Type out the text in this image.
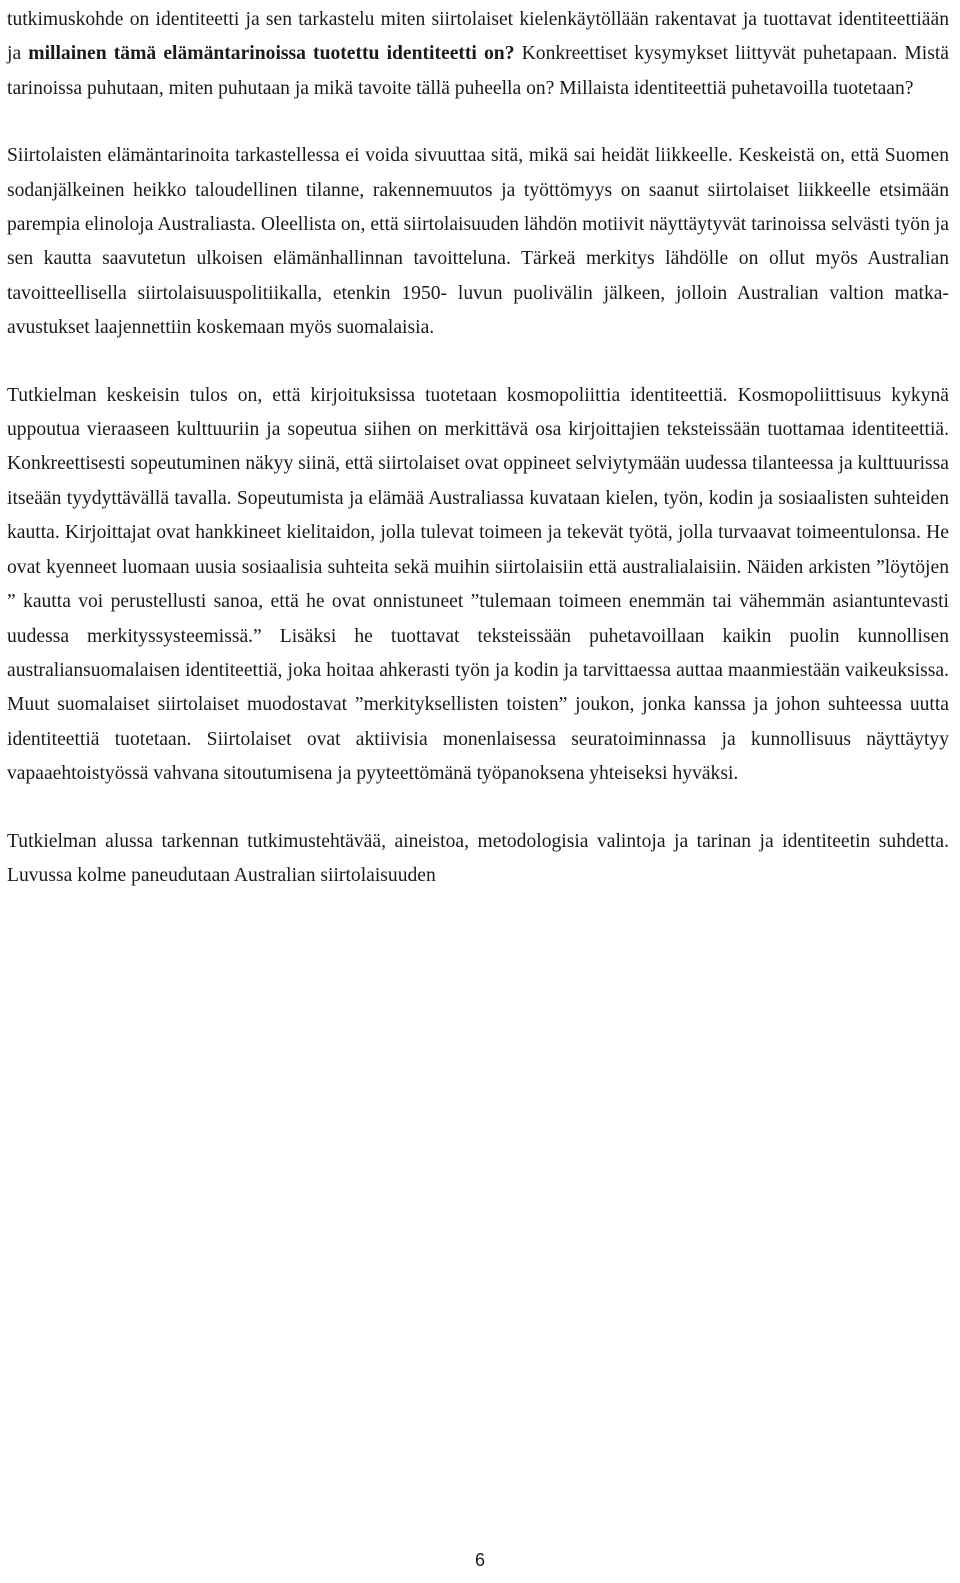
tutkimuskohde on identiteetti ja sen tarkastelu miten siirtolaiset kielenkäytöllään rakentavat ja tuottavat identiteettiään ja millainen tämä elämäntarinoissa tuotettu identiteetti on? Konkreettiset kysymykset liittyvät puhetapaan. Mistä tarinoissa puhutaan, miten puhutaan ja mikä tavoite tällä puheella on? Millaista identiteettiä puhetavoilla tuotetaan?

Siirtolaisten elämäntarinoita tarkastellessa ei voida sivuuttaa sitä, mikä sai heidät liikkeelle. Keskeistä on, että Suomen sodanjälkeinen heikko taloudellinen tilanne, rakennemuutos ja työttömyys on saanut siirtolaiset liikkeelle etsimään parempia elinoloja Australiasta. Oleellista on, että siirtolaisuuden lähdön motiivit näyttäytyvät tarinoissa selvästi työn ja sen kautta saavutetun ulkoisen elämänhallinnan tavoitteluna. Tärkeä merkitys lähdölle on ollut myös Australian tavoitteellisella siirtolaisuuspolitiikalla, etenkin 1950- luvun puolivälin jälkeen, jolloin Australian valtion matka-avustukset laajennettiin koskemaan myös suomalaisia.

Tutkielman keskeisin tulos on, että kirjoituksissa tuotetaan kosmopoliittia identiteettiä. Kosmopoliittisuus kykynä uppoutua vieraaseen kulttuuriin ja sopeutua siihen on merkittävä osa kirjoittajien teksteissään tuottamaa identiteettiä. Konkreettisesti sopeutuminen näkyy siinä, että siirtolaiset ovat oppineet selviytymään uudessa tilanteessa ja kulttuurissa itseään tyydyttävällä tavalla. Sopeutumista ja elämää Australiassa kuvataan kielen, työn, kodin ja sosiaalisten suhteiden kautta. Kirjoittajat ovat hankkineet kielitaidon, jolla tulevat toimeen ja tekevät työtä, jolla turvaavat toimeentulonsa. He ovat kyenneet luomaan uusia sosiaalisia suhteita sekä muihin siirtolaisiin että australialaisiin. Näiden arkisten ”löytöjen ” kautta voi perustellusti sanoa, että he ovat onnistuneet ”tulemaan toimeen enemmän tai vähemmän asiantuntevasti uudessa merkityssysteemissä.” Lisäksi he tuottavat teksteissään puhetavoillaan kaikin puolin kunnollisen australiansuomalaisen identiteettiä, joka hoitaa ahkerasti työn ja kodin ja tarvittaessa auttaa maanmiestään vaikeuksissa. Muut suomalaiset siirtolaiset muodostavat ”merkityksellisten toisten” joukon, jonka kanssa ja johon suhteessa uutta identiteettiä tuotetaan. Siirtolaiset ovat aktiivisia monenlaisessa seuratoiminnassa ja kunnollisuus näyttäytyy vapaaehtoistyössä vahvana sitoutumisena ja pyyteettömänä työpanoksena yhteiseksi hyväksi.

Tutkielman alussa tarkennan tutkimustehtävää, aineistoa, metodologisia valintoja ja tarinan ja identiteetin suhdetta. Luvussa kolme paneudutaan Australian siirtolaisuuden

6
